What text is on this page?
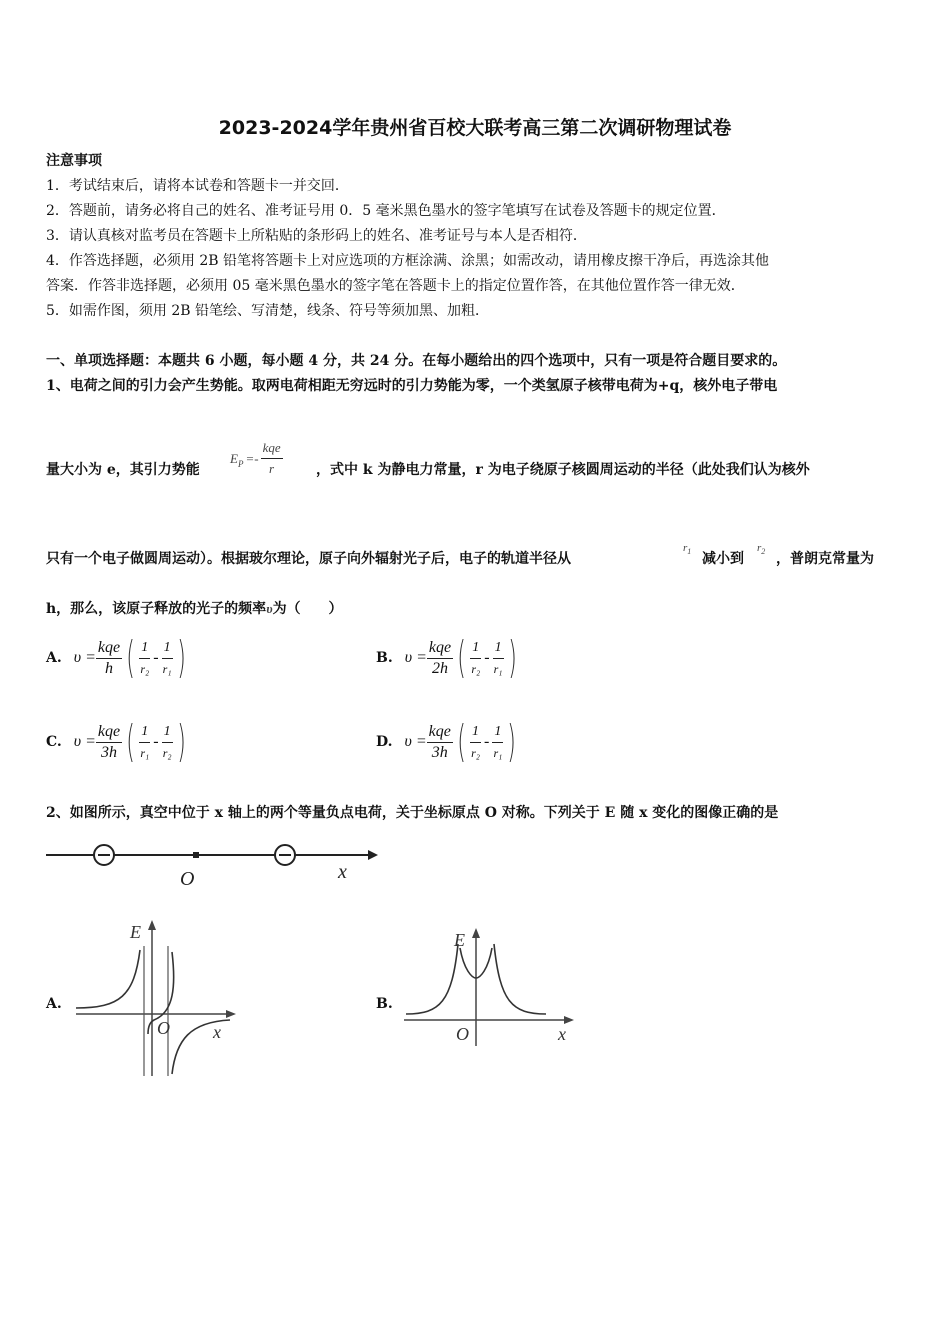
2023-2024学年贵州省百校大联考高三第二次调研物理试卷
注意事项
1．考试结束后，请将本试卷和答题卡一并交回．
2．答题前，请务必将自己的姓名、准考证号用 0．5 毫米黑色墨水的签字笔填写在试卷及答题卡的规定位置．
3．请认真核对监考员在答题卡上所粘贴的条形码上的姓名、准考证号与本人是否相符．
4．作答选择题，必须用 2B 铅笔将答题卡上对应选项的方框涂满、涂黑；如需改动，请用橡皮擦干净后，再选涂其他
答案．作答非选择题，必须用 05 毫米黑色墨水的签字笔在答题卡上的指定位置作答，在其他位置作答一律无效．
5．如需作图，须用 2B 铅笔绘、写清楚，线条、符号等须加黑、加粗．
一、单项选择题：本题共 6 小题，每小题 4 分，共 24 分。在每小题给出的四个选项中，只有一项是符合题目要求的。
1、电荷之间的引力会产生势能。取两电荷相距无穷远时的引力势能为零，一个类氢原子核带电荷为+q，核外电子带电
量大小为 e，其引力势能
E $P =- \frac{\text{kqe}}{r}$ ，式中 k 为静电力常量，r 为电子绕原子核圆周运动的半径（此处我们认为核外
只有一个电子做圆周运动）。根据玻尔理论，原子向外辐射光子后，电子的轨道半径从
$r_1$ 减小到
$r_2$ ，普朗克常量为
h，那么，该原子释放的光子的频率υ为（　　）
A. $\upsilon = \frac{\text{kqe}}{h}$ ( $\frac{1}{\text{r₂}} - \frac{1}{\text{r₁}}$ )	B. $\upsilon = \frac{\text{kqe}}{2h}$ ( $\frac{1}{\text{r₂}} - \frac{1}{\text{r₁}}$ )
C. $\upsilon = \frac{\text{kqe}}{3h}$ ( $\frac{1}{\text{r₁}} - \frac{1}{\text{r₂}}$ )	D. $\upsilon = \frac{\text{kqe}}{3h}$ ( $\frac{1}{\text{r₂}} - \frac{1}{\text{r₁}}$ )
2、如图所示，真空中位于 x 轴上的两个等量负点电荷，关于坐标原点 O 对称。下列关于 E 随 x 变化的图像正确的是
O	x
A.
E
O x
B.
E
O	x
